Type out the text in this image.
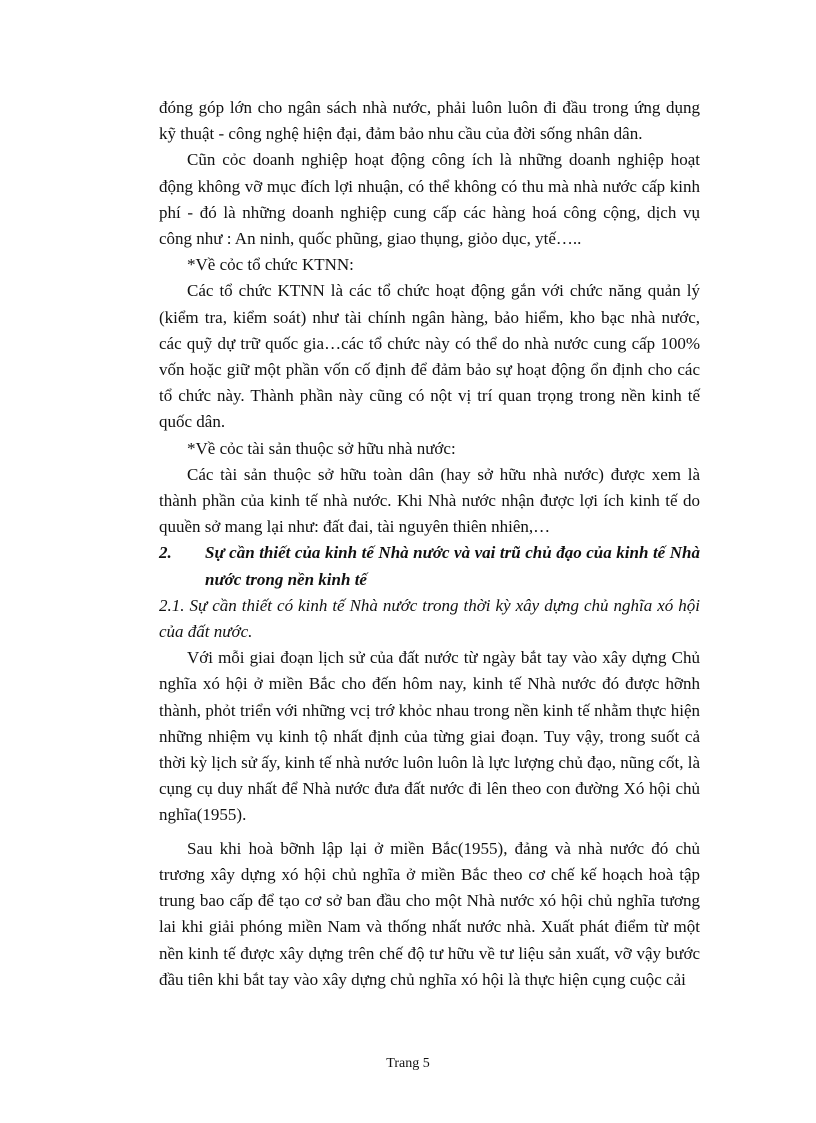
đóng góp lớn cho ngân sách nhà nước, phải luôn luôn đi đầu trong ứng dụng kỹ thuật - công nghệ hiện đại, đảm bảo nhu cầu của đời sống nhân dân.

Cũn cỏc doanh nghiệp hoạt động công ích là những doanh nghiệp hoạt động không vỡ mục đích lợi nhuận, có thể không có thu mà nhà nước cấp kinh phí - đó là những doanh nghiệp cung cấp các hàng hoá công cộng, dịch vụ công như : An ninh, quốc phũng, giao thụng, giỏo dục, ytế…..

*Về cỏc tổ chức KTNN:

Các tổ chức KTNN là các tổ chức hoạt động gắn với chức năng quản lý (kiểm tra, kiểm soát) như tài chính ngân hàng, bảo hiểm, kho bạc nhà nước, các quỹ dự trữ quốc gia…các tổ chức này có thể do nhà nước cung cấp 100% vốn hoặc giữ một phần vốn cố định để đảm bảo sự hoạt động ổn định cho các tổ chức này. Thành phần này cũng có nột vị trí quan trọng trong nền kinh tế quốc dân.

*Về cỏc tài sản thuộc sở hữu nhà nước:

Các tài sản thuộc sở hữu toàn dân (hay sở hữu nhà nước) được xem là thành phần của kinh tế nhà nước. Khi Nhà nước nhận được lợi ích kinh tế do quuền sở mang lại như: đất đai, tài nguyên thiên nhiên,…

2.	Sự cần thiết của kinh tế Nhà nước và vai trũ chủ đạo của kinh tế Nhà nước trong nền kinh tế

2.1. Sự cần thiết có kinh tế Nhà nước trong thời kỳ xây dựng chủ nghĩa xó hội của đất nước.

Với mỗi giai đoạn lịch sử của đất nước từ ngày bắt tay vào xây dựng Chủ nghĩa xó hội ở miền Bắc cho đến hôm nay, kinh tế Nhà nước đó được hỡnh thành, phỏt triển với những vcị trớ khỏc nhau trong nền kinh tế nhằm thực hiện những nhiệm vụ kinh tộ nhất định của từng giai đoạn. Tuy vậy, trong suốt cả thời kỳ lịch sử ấy, kinh tế nhà nước luôn luôn là lực lượng chủ đạo, nũng cốt, là cụng cụ duy nhất để Nhà nước đưa đất nước đi lên theo con đường Xó hội chủ nghĩa(1955).

Sau khi hoà bỡnh lập lại ở miền Bắc(1955), đảng và nhà nước đó chủ trương xây dựng xó hội chủ nghĩa ở miền Bắc theo cơ chế kế hoạch hoà tập trung bao cấp để tạo cơ sở ban đầu cho một Nhà nước xó hội chủ nghĩa tương lai khi giải phóng miền Nam và thống nhất nước nhà. Xuất phát điểm từ một nền kinh tế được xây dựng trên chế độ tư hữu về tư liệu sản xuất, vỡ vậy bước đầu tiên khi bắt tay vào xây dựng chủ nghĩa xó hội là thực hiện cụng cuộc cải

Trang 5
